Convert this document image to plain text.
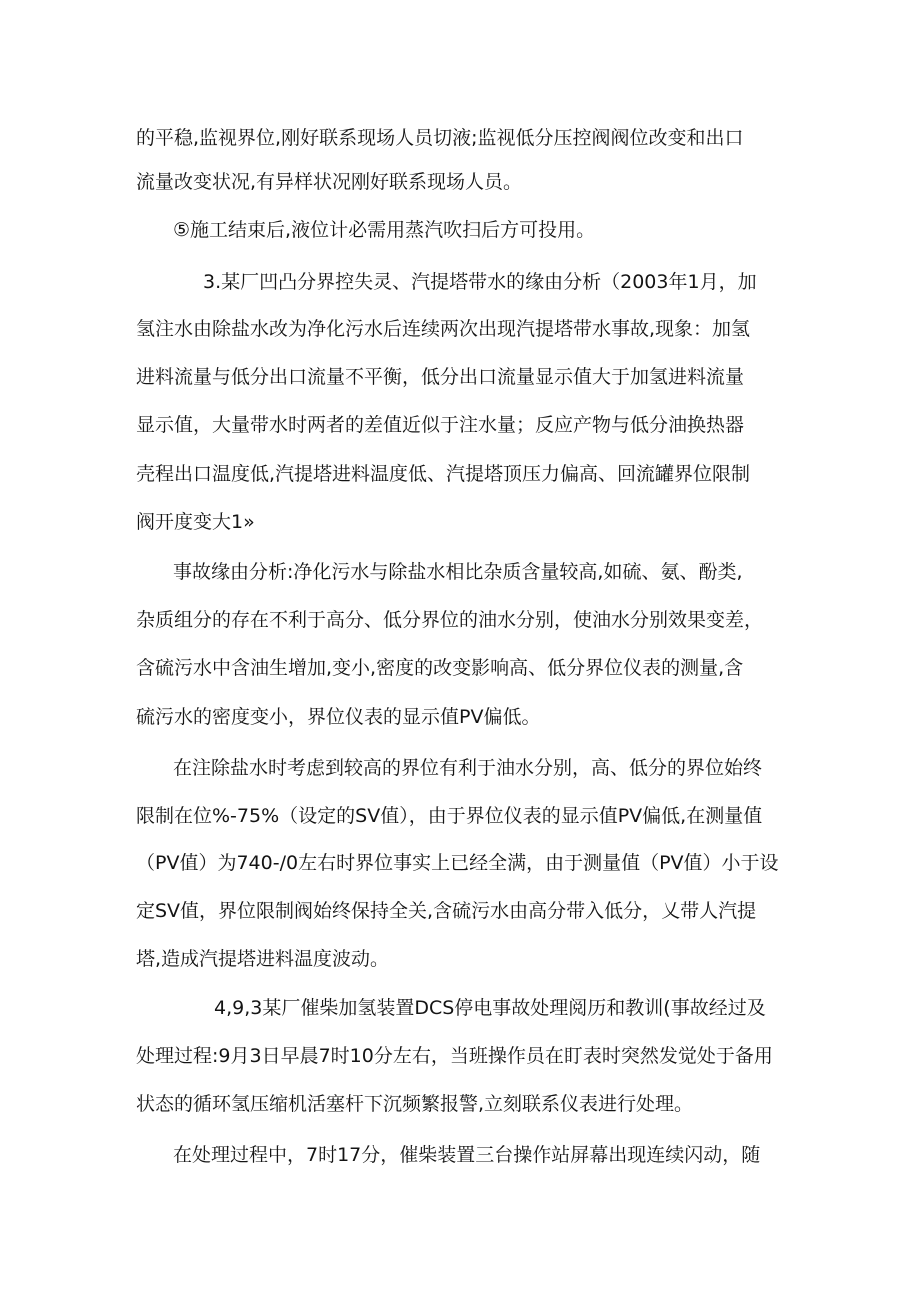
的平稳,监视界位,刚好联系现场人员切液;监视低分压控阀阀位改变和出口
流量改变状况,有异样状况刚好联系现场人员。
⑤施工结束后,液位计必需用蒸汽吹扫后方可投用。
3.某厂凹凸分界控失灵、汽提塔带水的缘由分析（2003年1月，加
氢注水由除盐水改为净化污水后连续两次出现汽提塔带水事故,现象：加氢
进料流量与低分出口流量不平衡，低分出口流量显示值大于加氢进料流量
显示值，大量带水时两者的差值近似于注水量；反应产物与低分油换热器
壳程出口温度低,汽提塔进料温度低、汽提塔顶压力偏高、回流罐界位限制
阀开度变大1»
事故缘由分析:净化污水与除盐水相比杂质含量较高,如硫、氨、酚类,
杂质组分的存在不利于高分、低分界位的油水分别，使油水分别效果变差，
含硫污水中含油生增加,变小,密度的改变影响高、低分界位仪表的测量,含
硫污水的密度变小，界位仪表的显示值PV偏低。
在注除盐水时考虑到较高的界位有利于油水分别，高、低分的界位始终
限制在位%-75%（设定的SV值），由于界位仪表的显示值PV偏低,在测量值
（PV值）为740-/0左右时界位事实上已经全满，由于测量值（PV值）小于设
定SV值，界位限制阀始终保持全关,含硫污水由高分带入低分，乂带人汽提
塔,造成汽提塔进料温度波动。
4,9,3某厂催柴加氢装置DCS停电事故处理阅历和教训(事故经过及
处理过程:9月3日早晨7时10分左右，当班操作员在盯表时突然发觉处于备用
状态的循环氢压缩机活塞杆下沉频繁报警,立刻联系仪表进行处理。
在处理过程中，7时17分，催柴装置三台操作站屏幕出现连续闪动，随
